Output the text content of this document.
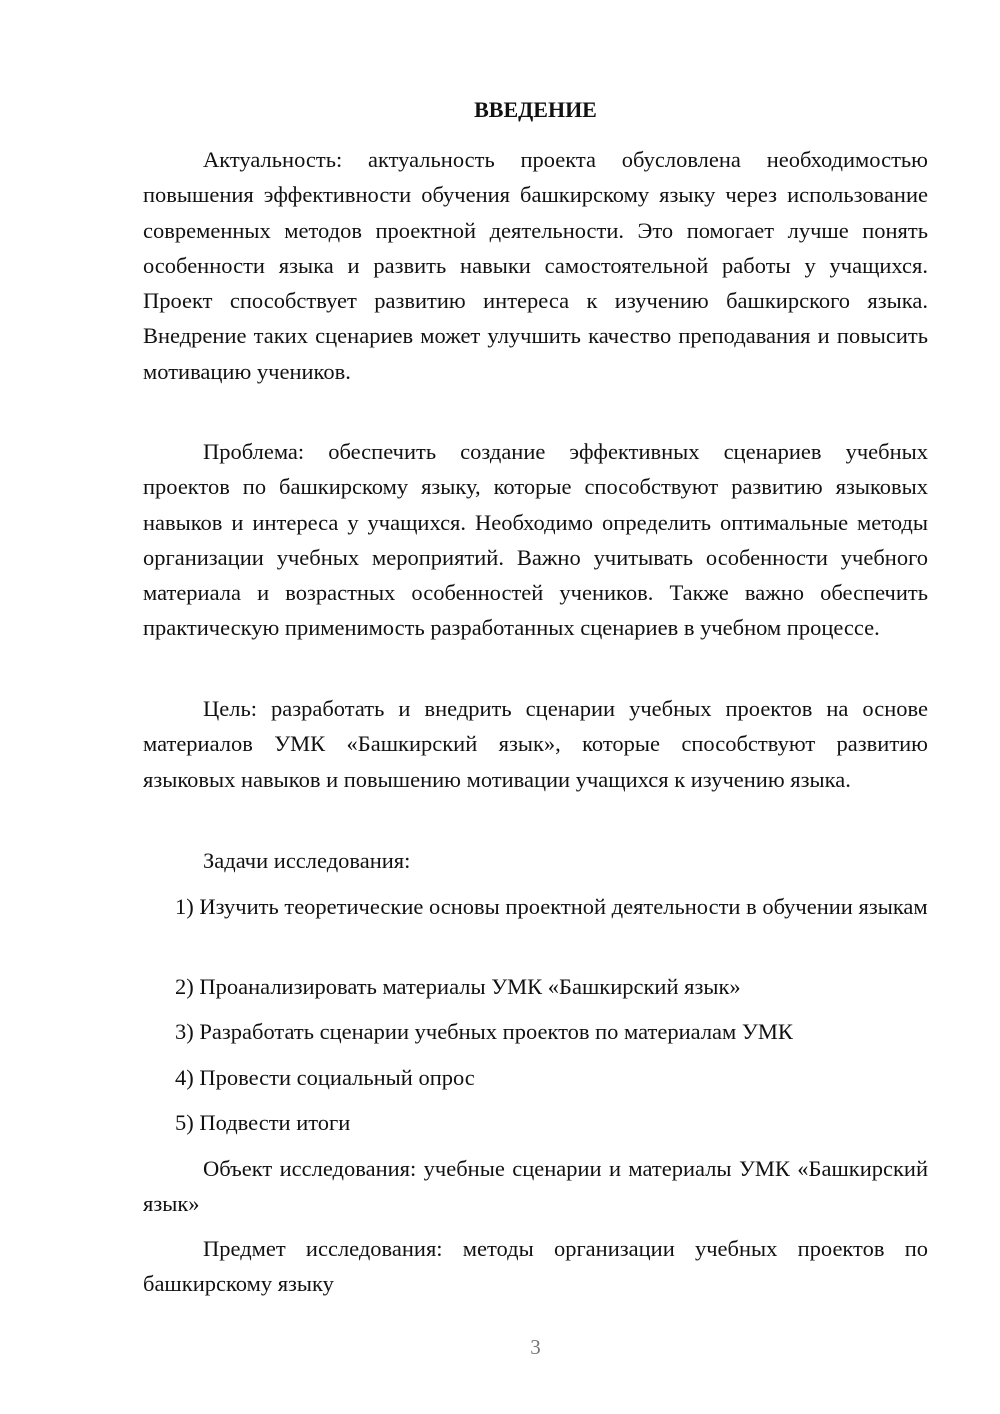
ВВЕДЕНИЕ

Актуальность: актуальность проекта обусловлена необходимостью повышения эффективности обучения башкирскому языку через использование современных методов проектной деятельности. Это помогает лучше понять особенности языка и развить навыки самостоятельной работы у учащихся. Проект способствует развитию интереса к изучению башкирского языка. Внедрение таких сценариев может улучшить качество преподавания и повысить мотивацию учеников.

Проблема: обеспечить создание эффективных сценариев учебных проектов по башкирскому языку, которые способствуют развитию языковых навыков и интереса у учащихся. Необходимо определить оптимальные методы организации учебных мероприятий. Важно учитывать особенности учебного материала и возрастных особенностей учеников. Также важно обеспечить практическую применимость разработанных сценариев в учебном процессе.

Цель: разработать и внедрить сценарии учебных проектов на основе материалов УМК «Башкирский язык», которые способствуют развитию языковых навыков и повышению мотивации учащихся к изучению языка.

Задачи исследования:

1) Изучить теоретические основы проектной деятельности в обучении языкам

2) Проанализировать материалы УМК «Башкирский язык»

3) Разработать сценарии учебных проектов по материалам УМК

4) Провести социальный опрос

5) Подвести итоги

Объект исследования: учебные сценарии и материалы УМК «Башкирский язык»

Предмет исследования: методы организации учебных проектов по башкирскому языку

3
